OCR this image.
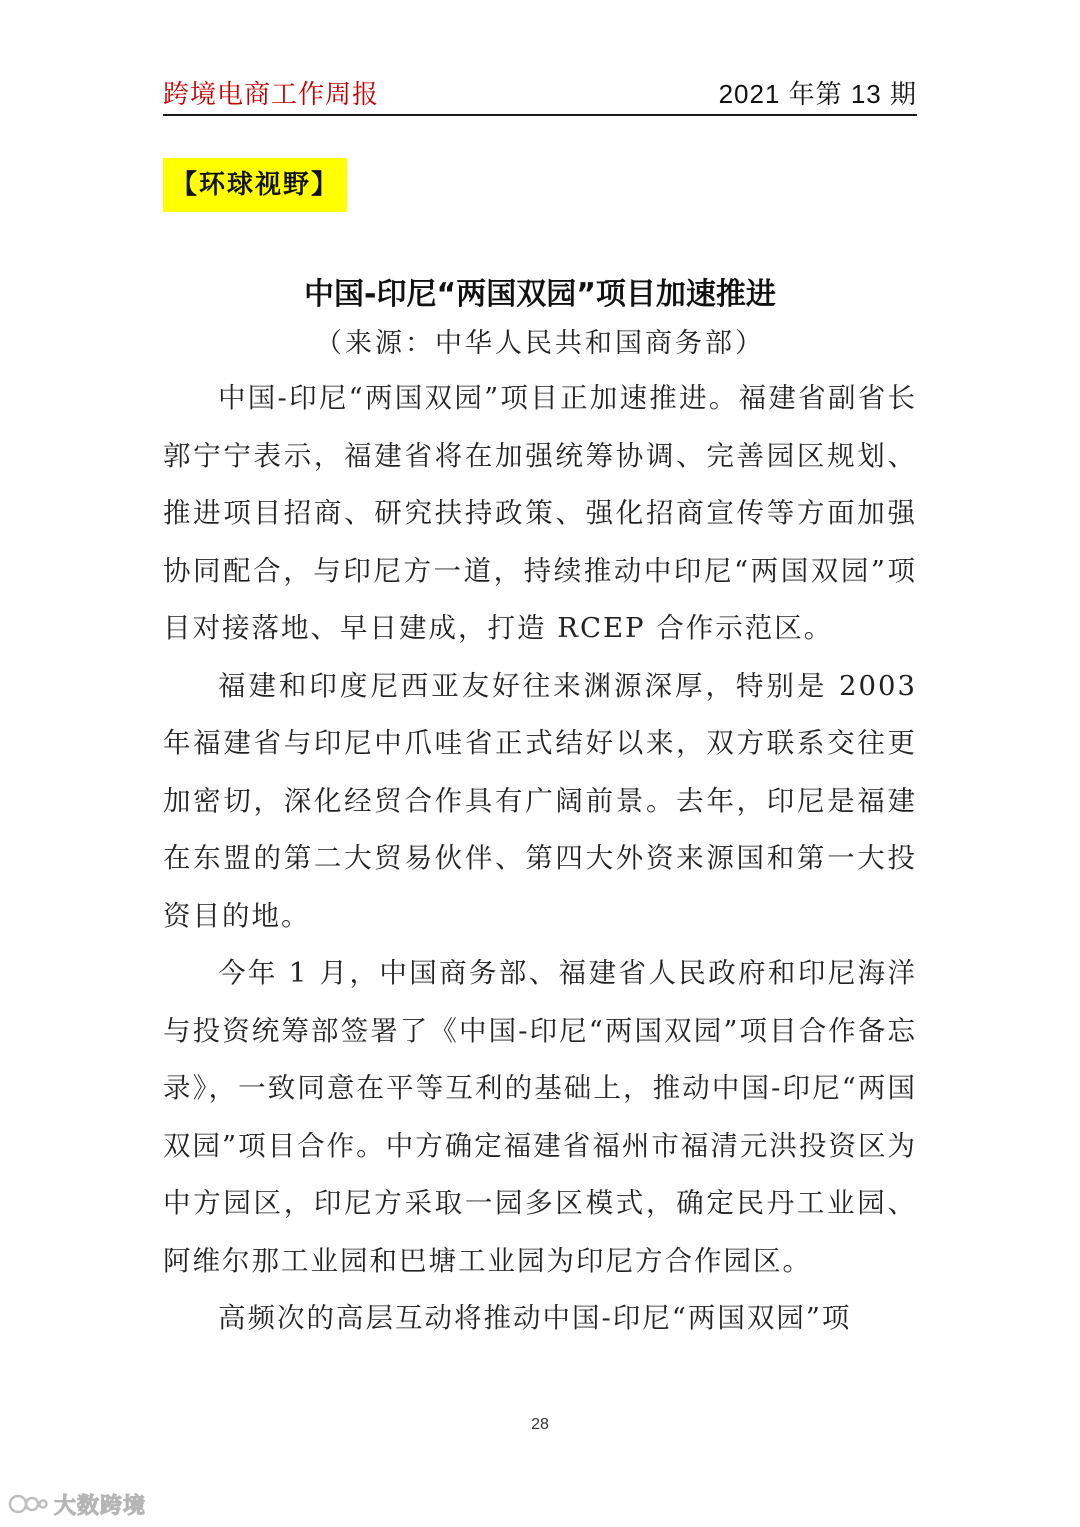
跨境电商工作周报	2021 年第 13 期
【环球视野】
中国-印尼“两国双园”项目加速推进
（来源：中华人民共和国商务部）

中国-印尼“两国双园”项目正加速推进。福建省副省长郭宁宁表示，福建省将在加强统筹协调、完善园区规划、推进项目招商、研究扶持政策、强化招商宣传等方面加强协同配合，与印尼方一道，持续推动中印尼“两国双园”项目对接落地、早日建成，打造 RCEP 合作示范区。

福建和印度尼西亚友好往来渊源深厚，特别是 2003 年福建省与印尼中爪哇省正式结好以来，双方联系交往更加密切，深化经贸合作具有广阔前景。去年，印尼是福建在东盟的第二大贸易伙伴、第四大外资来源国和第一大投资目的地。

今年 1 月，中国商务部、福建省人民政府和印尼海洋与投资统筹部签署了《中国-印尼“两国双园”项目合作备忘录》，一致同意在平等互利的基础上，推动中国-印尼“两国双园”项目合作。中方确定福建省福州市福清元洪投资区为中方园区，印尼方采取一园多区模式，确定民丹工业园、阿维尔那工业园和巴塘工业园为印尼方合作园区。

高频次的高层互动将推动中国-印尼“两国双园”项

28
大数跨境
